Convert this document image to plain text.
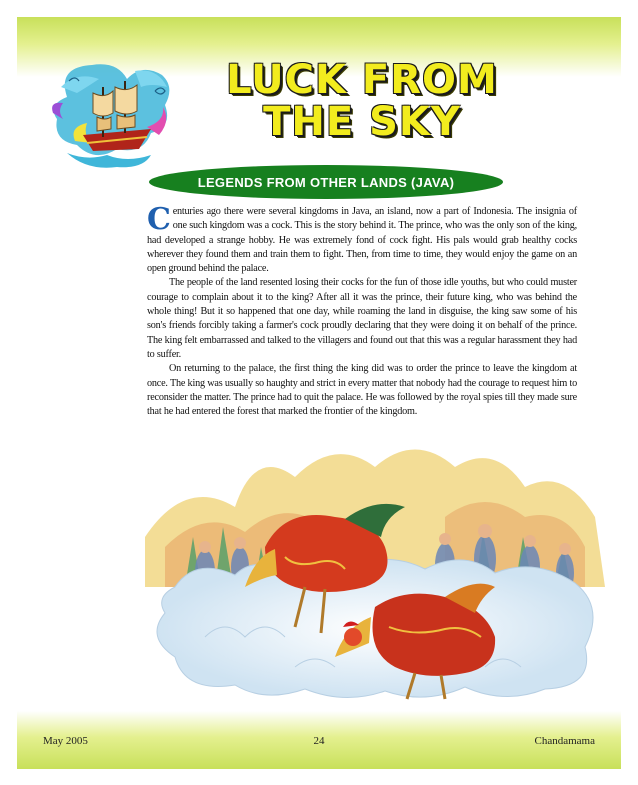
LUCK FROM
THE SKY
LEGENDS FROM OTHER LANDS (JAVA)

Centuries ago there were several kingdoms in Java, an island, now a part of Indonesia. The insignia of one such kingdom was a cock. This is the story behind it. The prince, who was the only son of the king, had developed a strange hobby. He was extremely fond of cock fight. His pals would grab healthy cocks wherever they found them and train them to fight. Then, from time to time, they would enjoy the game on an open ground behind the palace.

The people of the land resented losing their cocks for the fun of those idle youths, but who could muster courage to complain about it to the king? After all it was the prince, their future king, who was behind the whole thing! But it so happened that one day, while roaming the land in disguise, the king saw some of his son's friends forcibly taking a farmer's cock proudly declaring that they were doing it on behalf of the prince. The king felt embarrassed and talked to the villagers and found out that this was a regular harassment they had to suffer.

On returning to the palace, the first thing the king did was to order the prince to leave the kingdom at once. The king was usually so haughty and strict in every matter that nobody had the courage to request him to reconsider the matter. The prince had to quit the palace. He was followed by the royal spies till they made sure that he had entered the forest that marked the frontier of the kingdom.

May 2005	24	Chandamama
